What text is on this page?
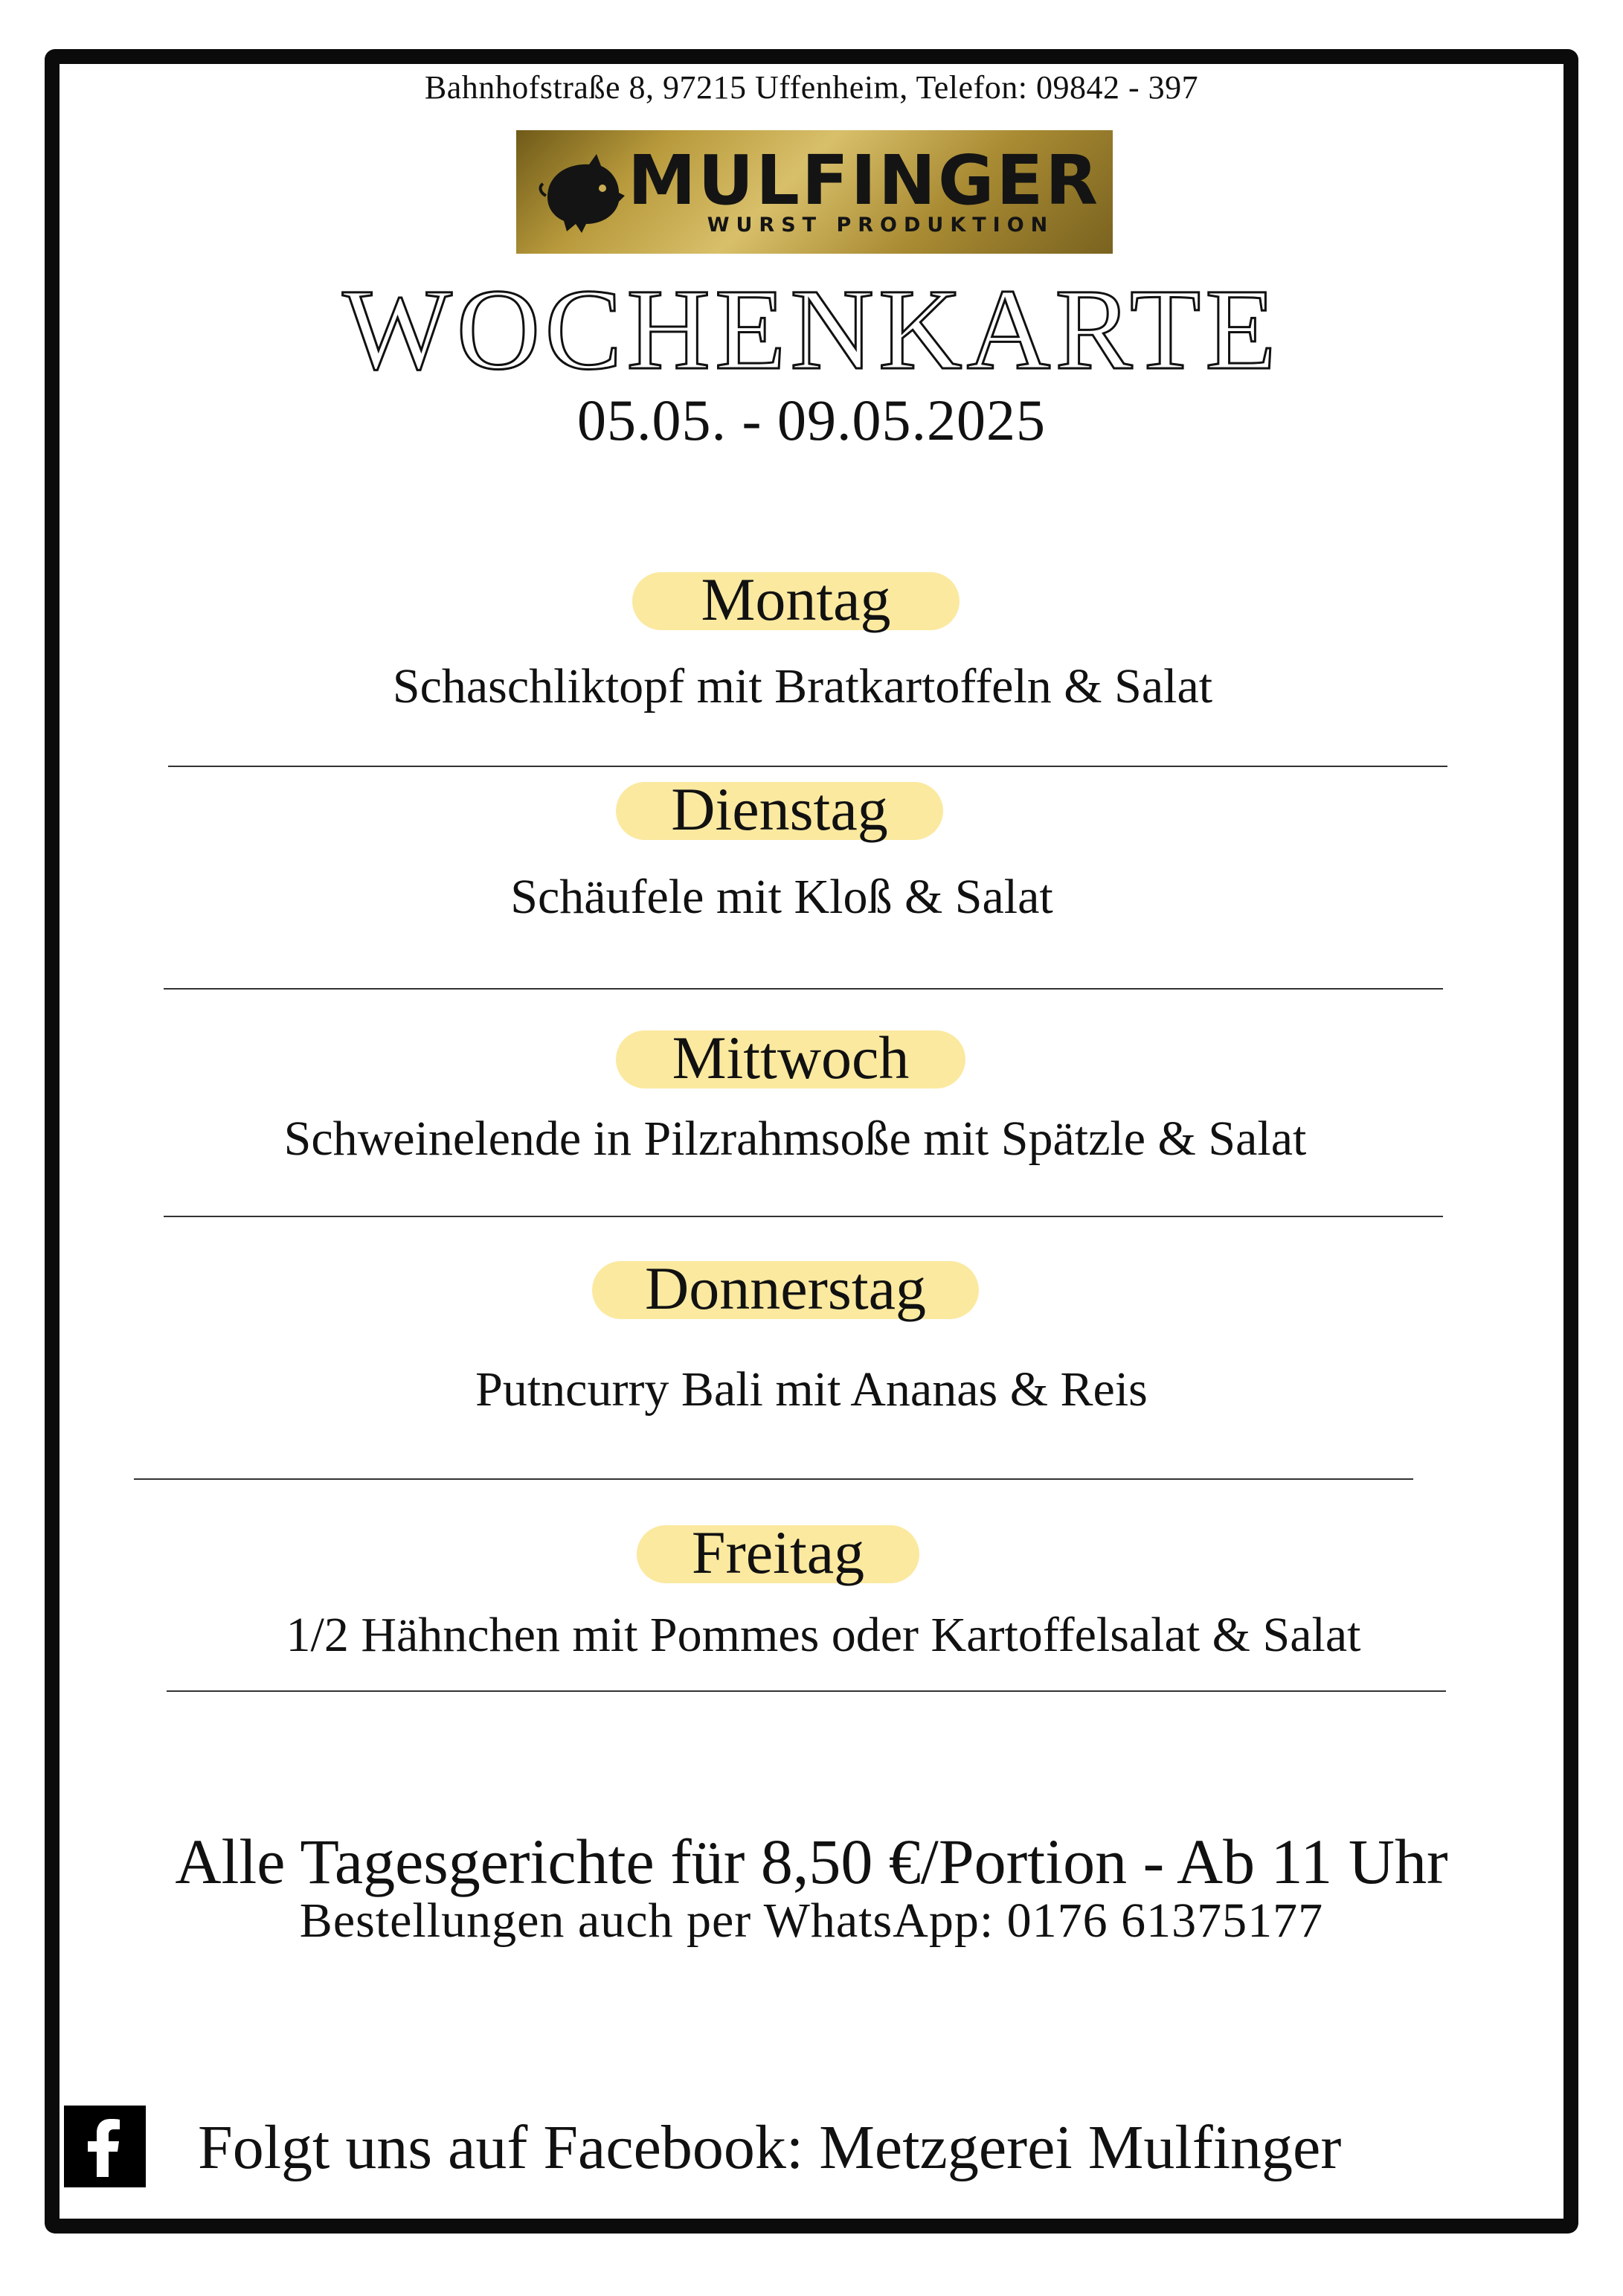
Bahnhofstraße 8, 97215 Uffenheim, Telefon: 09842 - 397
MULFINGER
WURST PRODUKTION
WOCHENKARTE
05.05. - 09.05.2025
Montag
Schaschliktopf mit Bratkartoffeln & Salat
Dienstag
Schäufele mit Kloß & Salat
Mittwoch
Schweinelende in Pilzrahmsoße mit Spätzle & Salat
Donnerstag
Putncurry Bali mit Ananas & Reis
Freitag
1/2 Hähnchen mit Pommes oder Kartoffelsalat & Salat
Alle Tagesgerichte für 8,50 €/Portion - Ab 11 Uhr
Bestellungen auch per WhatsApp: 0176 61375177
Folgt uns auf Facebook: Metzgerei Mulfinger
